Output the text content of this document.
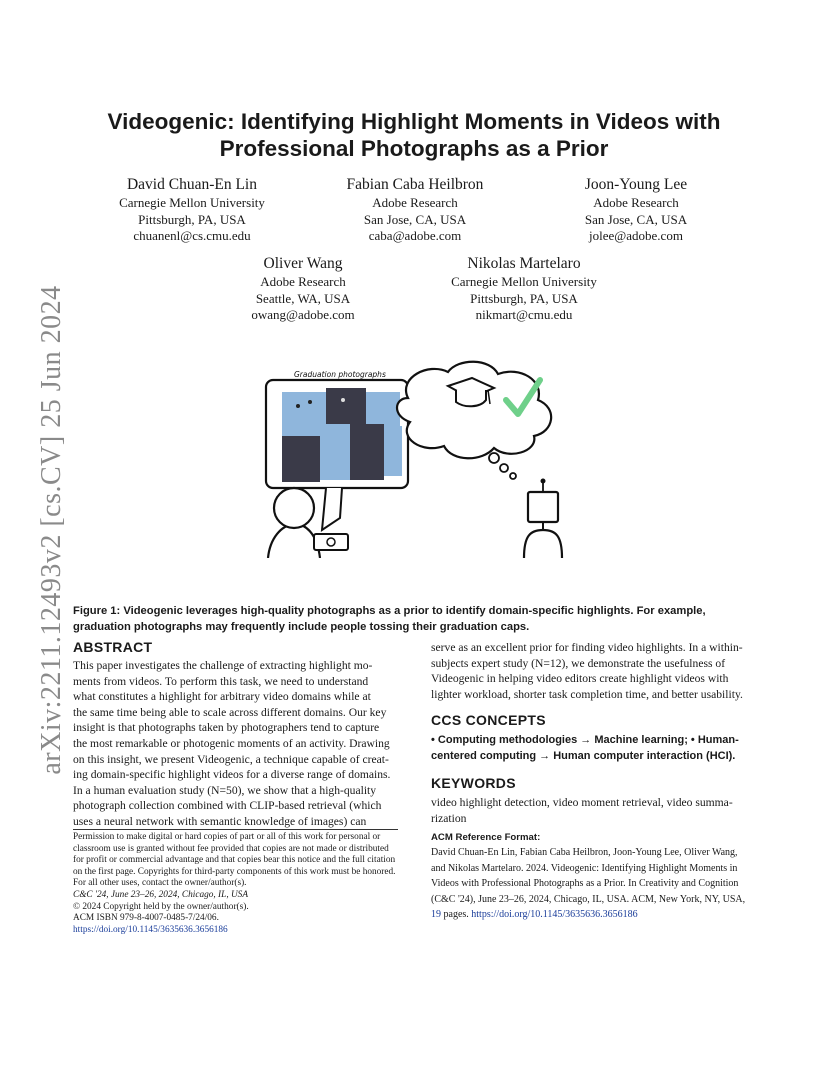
arXiv:2211.12493v2 [cs.CV] 25 Jun 2024
Videogenic: Identifying Highlight Moments in Videos with
Professional Photographs as a Prior
David Chuan-En Lin
Carnegie Mellon University
Pittsburgh, PA, USA
chuanenl@cs.cmu.edu
Fabian Caba Heilbron
Adobe Research
San Jose, CA, USA
caba@adobe.com
Joon-Young Lee
Adobe Research
San Jose, CA, USA
jolee@adobe.com
Oliver Wang
Adobe Research
Seattle, WA, USA
owang@adobe.com
Nikolas Martelaro
Carnegie Mellon University
Pittsburgh, PA, USA
nikmart@cmu.edu
Graduation photographs
Figure 1: Videogenic leverages high-quality photographs as a prior to identify domain-specific highlights. For example,
graduation photographs may frequently include people tossing their graduation caps.
ABSTRACT
This paper investigates the challenge of extracting highlight mo-
ments from videos. To perform this task, we need to understand
what constitutes a highlight for arbitrary video domains while at
the same time being able to scale across different domains. Our key
insight is that photographs taken by photographers tend to capture
the most remarkable or photogenic moments of an activity. Drawing
on this insight, we present Videogenic, a technique capable of creat-
ing domain-specific highlight videos for a diverse range of domains.
In a human evaluation study (N=50), we show that a high-quality
photograph collection combined with CLIP-based retrieval (which
uses a neural network with semantic knowledge of images) can
Permission to make digital or hard copies of part or all of this work for personal or
classroom use is granted without fee provided that copies are not made or distributed
for profit or commercial advantage and that copies bear this notice and the full citation
on the first page. Copyrights for third-party components of this work must be honored.
For all other uses, contact the owner/author(s).
C&C '24, June 23–26, 2024, Chicago, IL, USA
© 2024 Copyright held by the owner/author(s).
ACM ISBN 979-8-4007-0485-7/24/06.
https://doi.org/10.1145/3635636.3656186
serve as an excellent prior for finding video highlights. In a within-
subjects expert study (N=12), we demonstrate the usefulness of
Videogenic in helping video editors create highlight videos with
lighter workload, shorter task completion time, and better usability.
CCS CONCEPTS
• Computing methodologies → Machine learning; • Human-
centered computing → Human computer interaction (HCI).
KEYWORDS
video highlight detection, video moment retrieval, video summa-
rization
ACM Reference Format:
David Chuan-En Lin, Fabian Caba Heilbron, Joon-Young Lee, Oliver Wang,
and Nikolas Martelaro. 2024. Videogenic: Identifying Highlight Moments in
Videos with Professional Photographs as a Prior. In Creativity and Cognition
(C&C '24), June 23–26, 2024, Chicago, IL, USA. ACM, New York, NY, USA,
19 pages. https://doi.org/10.1145/3635636.3656186
